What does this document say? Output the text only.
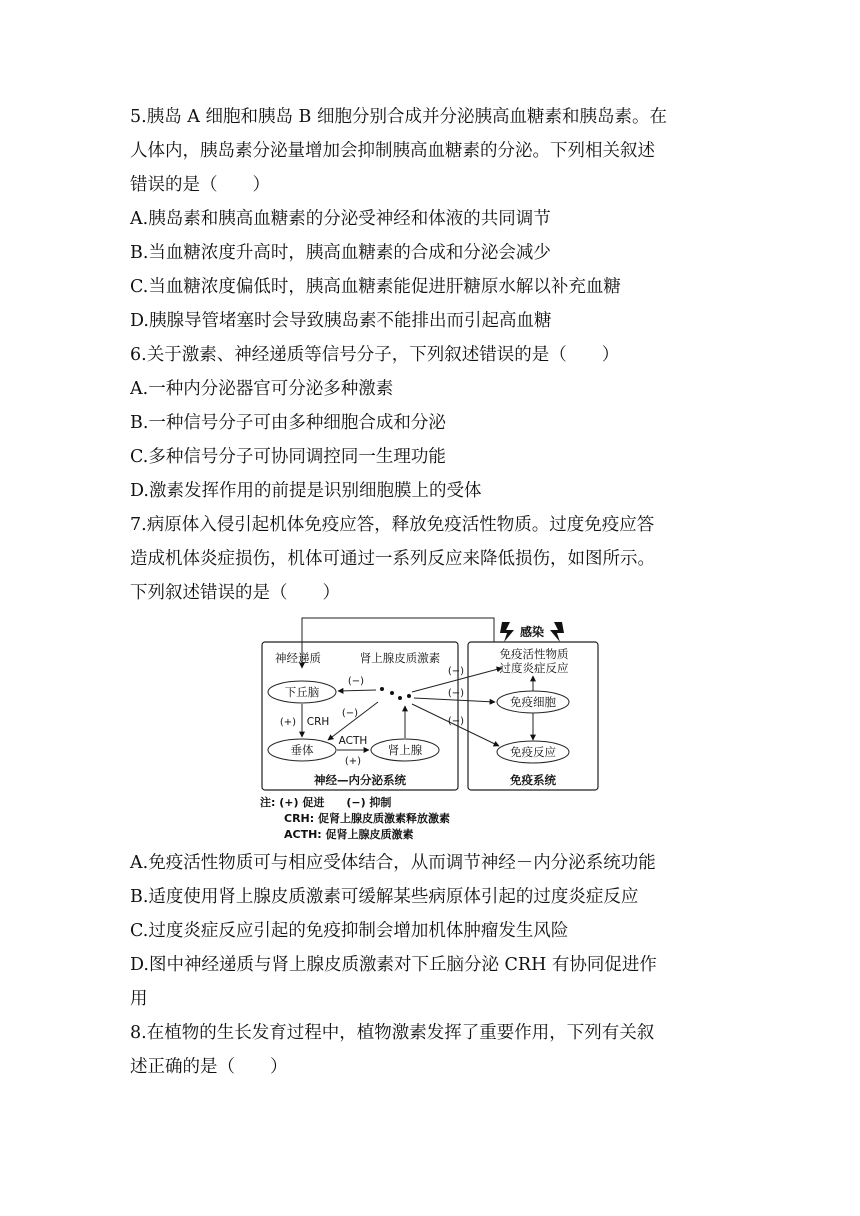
5.胰岛 A 细胞和胰岛 B 细胞分别合成并分泌胰高血糖素和胰岛素。在
人体内，胰岛素分泌量增加会抑制胰高血糖素的分泌。下列相关叙述
错误的是（　　）
A.胰岛素和胰高血糖素的分泌受神经和体液的共同调节
B.当血糖浓度升高时，胰高血糖素的合成和分泌会减少
C.当血糖浓度偏低时，胰高血糖素能促进肝糖原水解以补充血糖
D.胰腺导管堵塞时会导致胰岛素不能排出而引起高血糖
6.关于激素、神经递质等信号分子，下列叙述错误的是（　　）
A.一种内分泌器官可分泌多种激素
B.一种信号分子可由多种细胞合成和分泌
C.多种信号分子可协同调控同一生理功能
D.激素发挥作用的前提是识别细胞膜上的受体
7.病原体入侵引起机体免疫应答，释放免疫活性物质。过度免疫应答
造成机体炎症损伤，机体可通过一系列反应来降低损伤，如图所示。
下列叙述错误的是（　　）
感染
神经递质	肾上腺皮质激素	免疫活性物质
过度炎症反应
下丘脑
垂体	肾上腺
免疫细胞
免疫反应
(−)
(+) CRH
(−)
ACTH
(+)
(−)
(−)
(−)
神经—内分泌系统	免疫系统
注: (+) 促进　　(−) 抑制
CRH: 促肾上腺皮质激素释放激素
ACTH: 促肾上腺皮质激素
A.免疫活性物质可与相应受体结合，从而调节神经－内分泌系统功能
B.适度使用肾上腺皮质激素可缓解某些病原体引起的过度炎症反应
C.过度炎症反应引起的免疫抑制会增加机体肿瘤发生风险
D.图中神经递质与肾上腺皮质激素对下丘脑分泌 CRH 有协同促进作
用
8.在植物的生长发育过程中，植物激素发挥了重要作用，下列有关叙
述正确的是（　　）
